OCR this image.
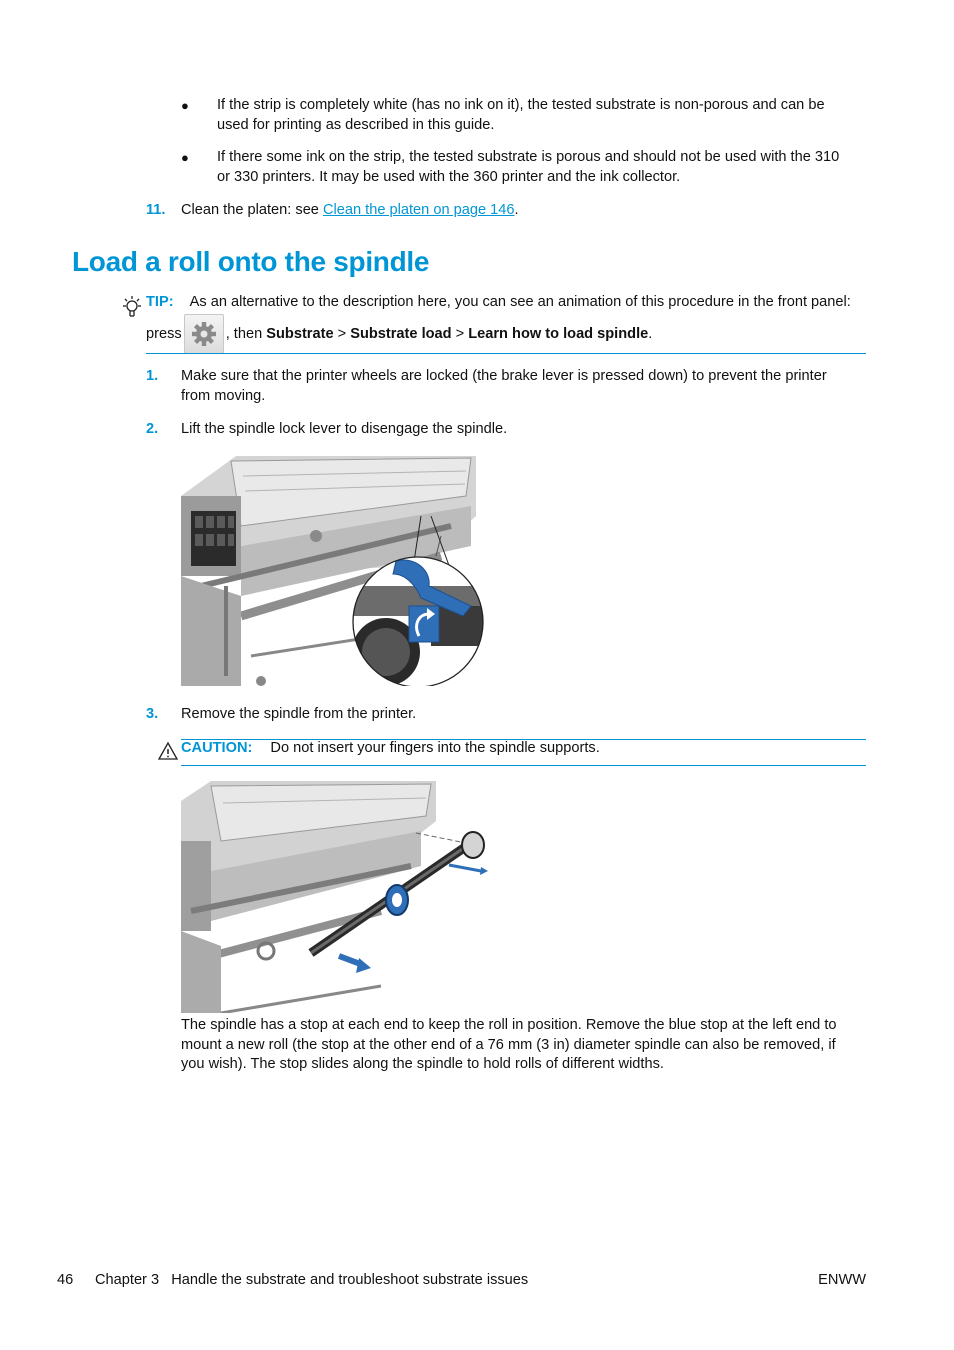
● If the strip is completely white (has no ink on it), the tested substrate is non-porous and can be
used for printing as described in this guide.
● If there some ink on the strip, the tested substrate is porous and should not be used with the 310
or 330 printers. It may be used with the 360 printer and the ink collector.
11. Clean the platen: see Clean the platen on page 146.
Load a roll onto the spindle
TIP: As an alternative to the description here, you can see an animation of this procedure in the front panel:
press	, then Substrate > Substrate load > Learn how to load spindle.
1. Make sure that the printer wheels are locked (the brake lever is pressed down) to prevent the printer
from moving.
2. Lift the spindle lock lever to disengage the spindle.
3. Remove the spindle from the printer.
CAUTION: Do not insert your fingers into the spindle supports.
The spindle has a stop at each end to keep the roll in position. Remove the blue stop at the left end to
mount a new roll (the stop at the other end of a 76 mm (3 in) diameter spindle can also be removed, if
you wish). The stop slides along the spindle to hold rolls of different widths.
46 Chapter 3   Handle the substrate and troubleshoot substrate issues	ENWW
